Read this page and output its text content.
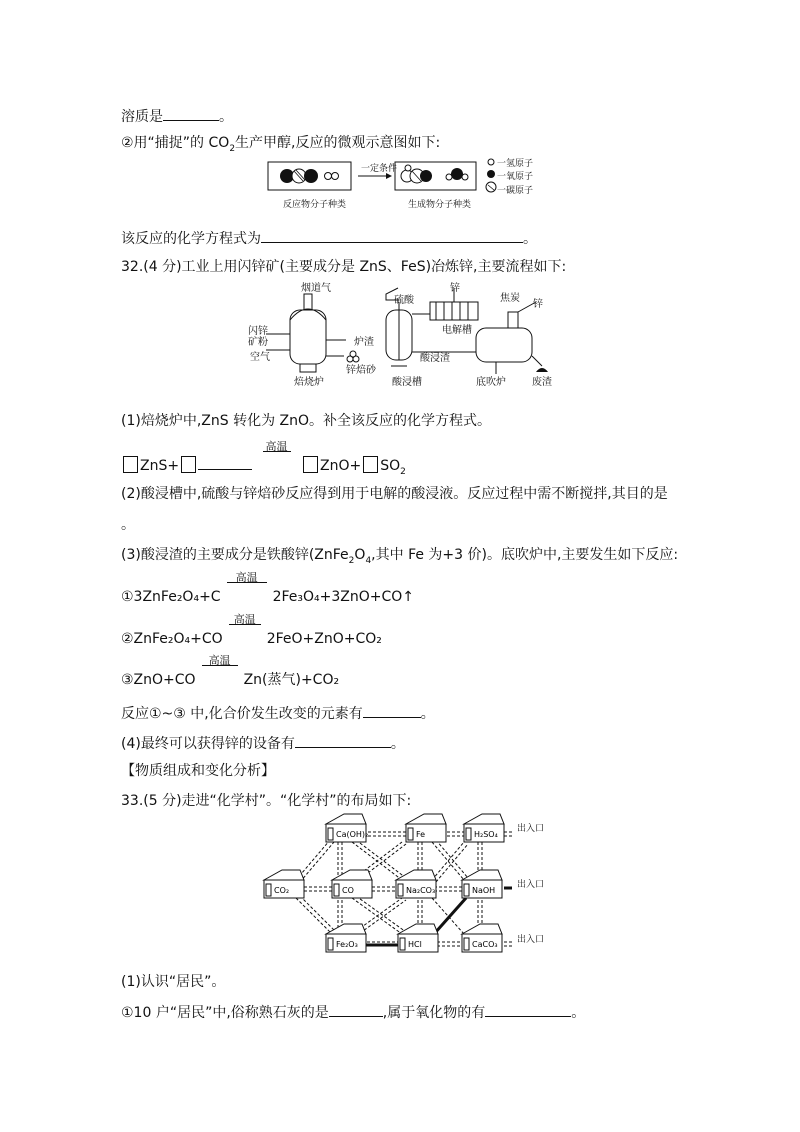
溶质是	。
②用“捕捉”的 $CO_2$生产甲醇,反应的微观示意图如下:
一定条件
反应物分子种类	生成物分子种类
一氢原子
一氧原子
一碳原子
该反应的化学方程式为	。
32.(4 分)工业上用闪锌矿(主要成分是 ZnS、FeS)冶炼锌,主要流程如下:
烟道气
闪锌矿粉
空气
焙烧炉
炉渣
锌焙砂
硫酸
酸浸槽
锌
电解槽
焦炭
锌
酸浸渣
底吹炉	废渣
(1)焙烧炉中,ZnS 转化为 ZnO。补全该反应的化学方程式。
ZnS+
高温
$ZnO+ SO_2$
(2)酸浸槽中,硫酸与锌焙砂反应得到用于电解的酸浸液。反应过程中需不断搅拌,其目的是
。
(3)酸浸渣的主要成分是铁酸锌($ZnFe_2O_4$,其中 Fe 为+3 价)。底吹炉中,主要发生如下反应:
①3ZnFe₂O₄+C
高温
2Fe₃O₄+3ZnO+CO↑
②ZnFe₂O₄+CO
高温
2FeO+ZnO+CO₂
③ZnO+CO
高温
Zn(蒸气)+CO₂
反应①~③ 中,化合价发生改变的元素有	。
(4)最终可以获得锌的设备有	。
【物质组成和变化分析】
33.(5 分)走进“化学村”。“化学村”的布局如下:
Ca(OH)₂	Fe	H₂SO₄
CO₂	CO	Na₂CO₃	NaOH
Fe₂O₃	HCl	CaCO₃
出入口
出入口
出入口
(1)认识“居民”。
①10 户“居民”中,俗称熟石灰的是	,属于氧化物的有	。
